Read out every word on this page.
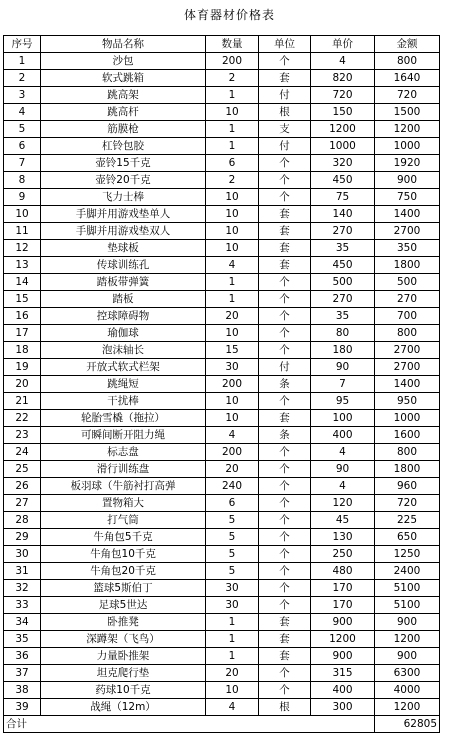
体育器材价格表
序号	物品名称	数量	单位	单价	金额
1	沙包	200	个	4	800
2	软式跳箱	2	套	820	1640
3	跳高架	1	付	720	720
4	跳高杆	10	根	150	1500
5	筋膜枪	1	支	1200	1200
6	杠铃包胶	1	付	1000	1000
7	壶铃15千克	6	个	320	1920
8	壶铃20千克	2	个	450	900
9	飞力士棒	10	个	75	750
10	手脚并用游戏垫单人	10	套	140	1400
11	手脚并用游戏垫双人	10	套	270	2700
12	垫球板	10	套	35	350
13	传球训练孔	4	套	450	1800
14	踏板带弹簧	1	个	500	500
15	踏板	1	个	270	270
16	控球障碍物	20	个	35	700
17	瑜伽球	10	个	80	800
18	泡沫轴长	15	个	180	2700
19	开放式软式栏架	30	付	90	2700
20	跳绳短	200	条	7	1400
21	干扰棒	10	个	95	950
22	轮胎雪橇（拖拉）	10	套	100	1000
23	可瞬间断开阻力绳	4	条	400	1600
24	标志盘	200	个	4	800
25	滑行训练盘	20	个	90	1800
26	板羽球（牛筋衬打高弹	240	个	4	960
27	置物箱大	6	个	120	720
28	打气筒	5	个	45	225
29	牛角包5千克	5	个	130	650
30	牛角包10千克	5	个	250	1250
31	牛角包20千克	5	个	480	2400
32	篮球5斯伯丁	30	个	170	5100
33	足球5世达	30	个	170	5100
34	卧推凳	1	套	900	900
35	深蹲架（飞鸟）	1	套	1200	1200
36	力量卧推架	1	套	900	900
37	坦克爬行垫	20	个	315	6300
38	药球10千克	10	个	400	4000
39	战绳（12m）	4	根	300	1200
合计					62805
